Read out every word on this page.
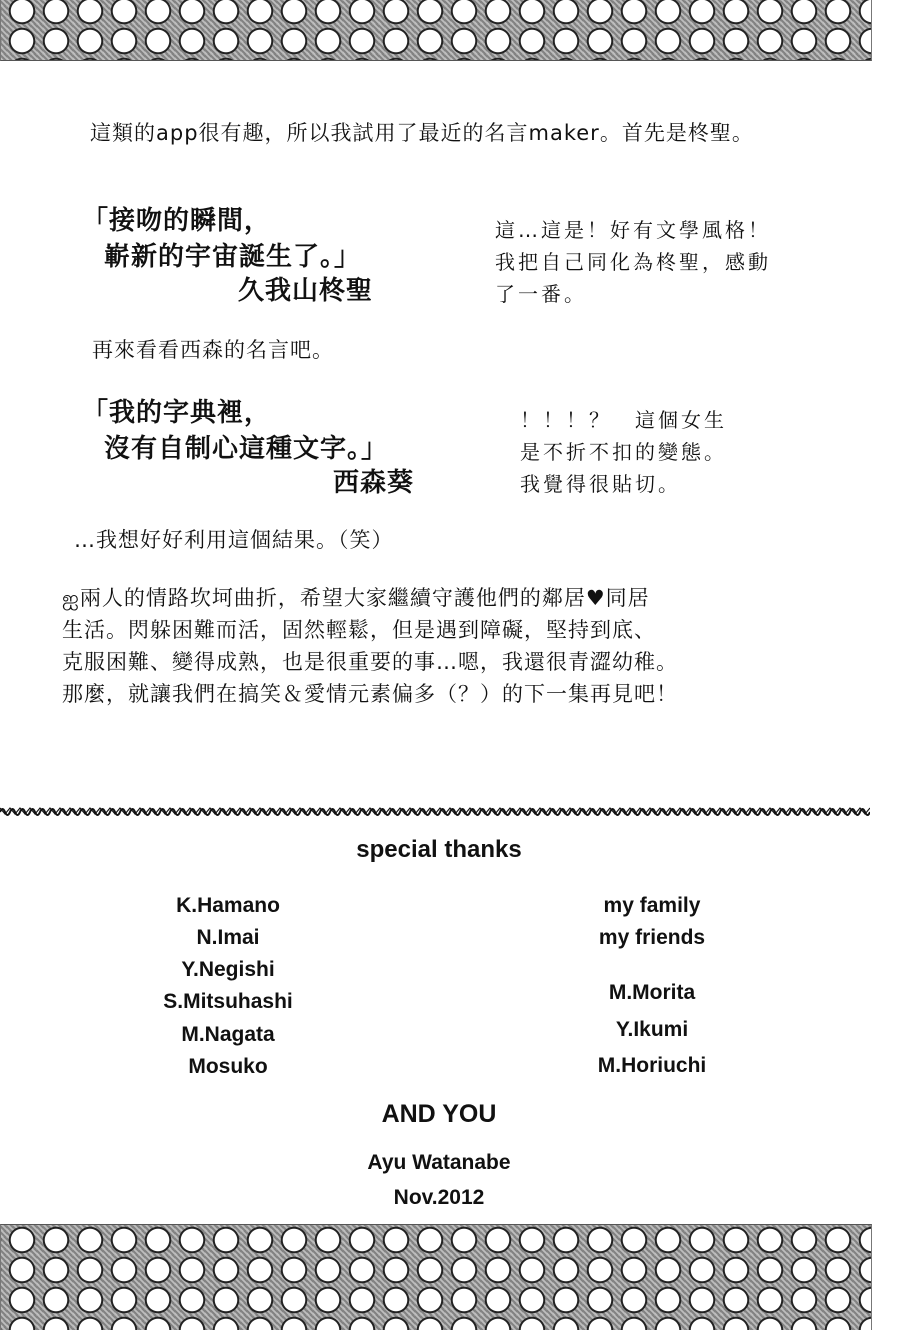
這類的app很有趣，所以我試用了最近的名言maker。首先是柊聖。

「接吻的瞬間，

嶄新的宇宙誕生了。」

久我山柊聖

這…這是！好有文學風格！
我把自己同化為柊聖，感動
了一番。

再來看看西森的名言吧。

「我的字典裡，

沒有自制心這種文字。」

西森葵

！！！？　這個女生
是不折不扣的變態。
我覺得很貼切。

…我想好好利用這個結果。（笑）

ஐ兩人的情路坎坷曲折，希望大家繼續守護他們的鄰居♥同居
生活。閃躲困難而活，固然輕鬆，但是遇到障礙，堅持到底、
克服困難、變得成熟，也是很重要的事…嗯，我還很青澀幼稚。
那麼，就讓我們在搞笑＆愛情元素偏多（？）的下一集再見吧！
special thanks
K.Hamano
N.Imai
Y.Negishi
S.Mitsuhashi
M.Nagata
Mosuko
my family
my friends
M.Morita
Y.Ikumi
M.Horiuchi
AND YOU
Ayu Watanabe
Nov.2012
